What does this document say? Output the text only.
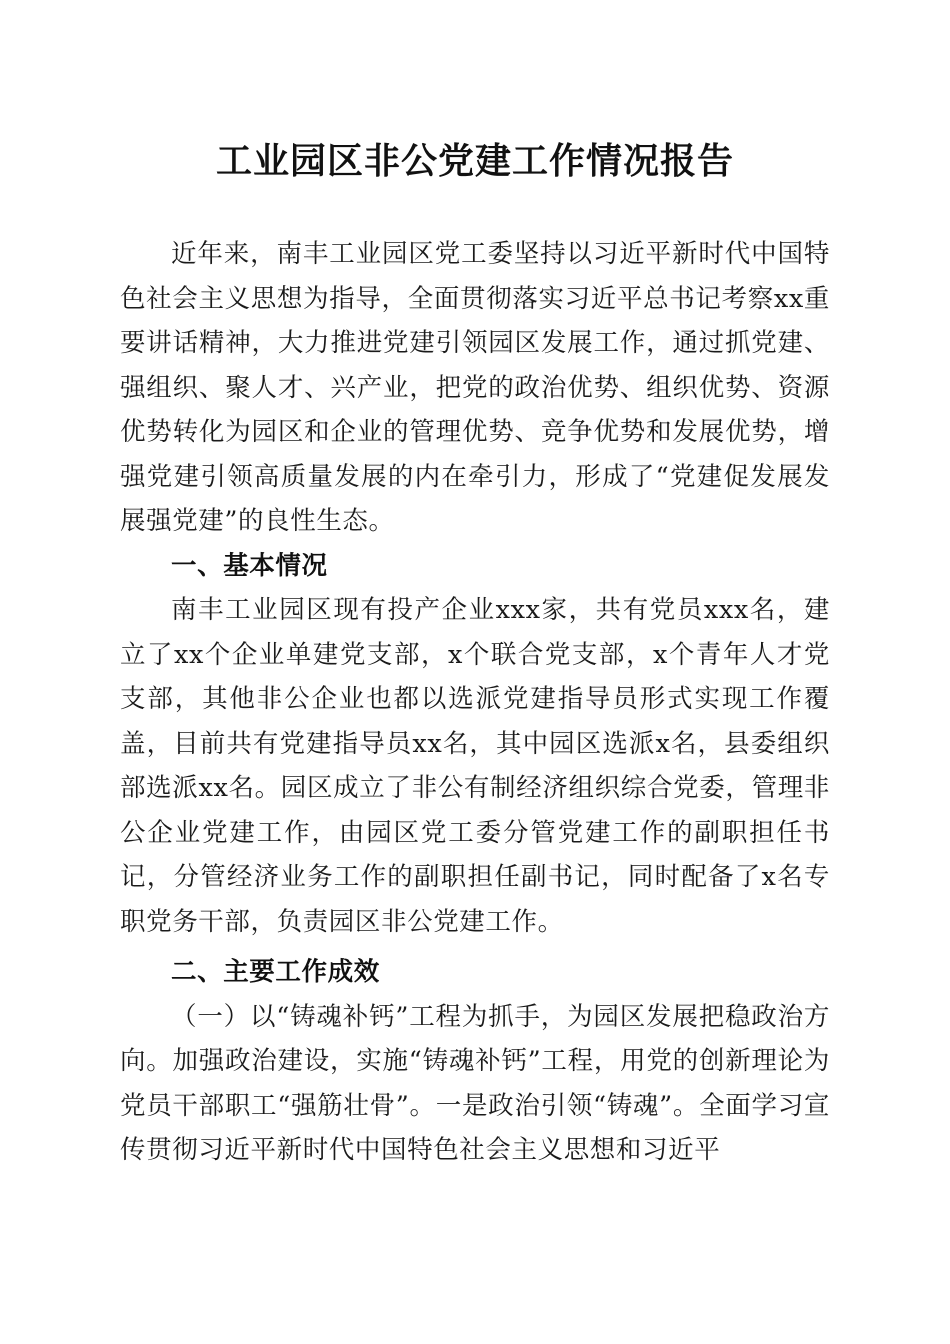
工业园区非公党建工作情况报告

近年来，南丰工业园区党工委坚持以习近平新时代中国特色社会主义思想为指导，全面贯彻落实习近平总书记考察xx重要讲话精神，大力推进党建引领园区发展工作，通过抓党建、强组织、聚人才、兴产业，把党的政治优势、组织优势、资源优势转化为园区和企业的管理优势、竞争优势和发展优势，增强党建引领高质量发展的内在牵引力，形成了“党建促发展发展强党建”的良性生态。

一、基本情况

南丰工业园区现有投产企业xxx家，共有党员xxx名，建立了xx个企业单建党支部，x个联合党支部，x个青年人才党支部，其他非公企业也都以选派党建指导员形式实现工作覆盖，目前共有党建指导员xx名，其中园区选派x名，县委组织部选派xx名。园区成立了非公有制经济组织综合党委，管理非公企业党建工作，由园区党工委分管党建工作的副职担任书记，分管经济业务工作的副职担任副书记，同时配备了x名专职党务干部，负责园区非公党建工作。

二、主要工作成效

（一）以“铸魂补钙”工程为抓手，为园区发展把稳政治方向。加强政治建设，实施“铸魂补钙”工程，用党的创新理论为党员干部职工“强筋壮骨”。一是政治引领“铸魂”。全面学习宣传贯彻习近平新时代中国特色社会主义思想和习近平
